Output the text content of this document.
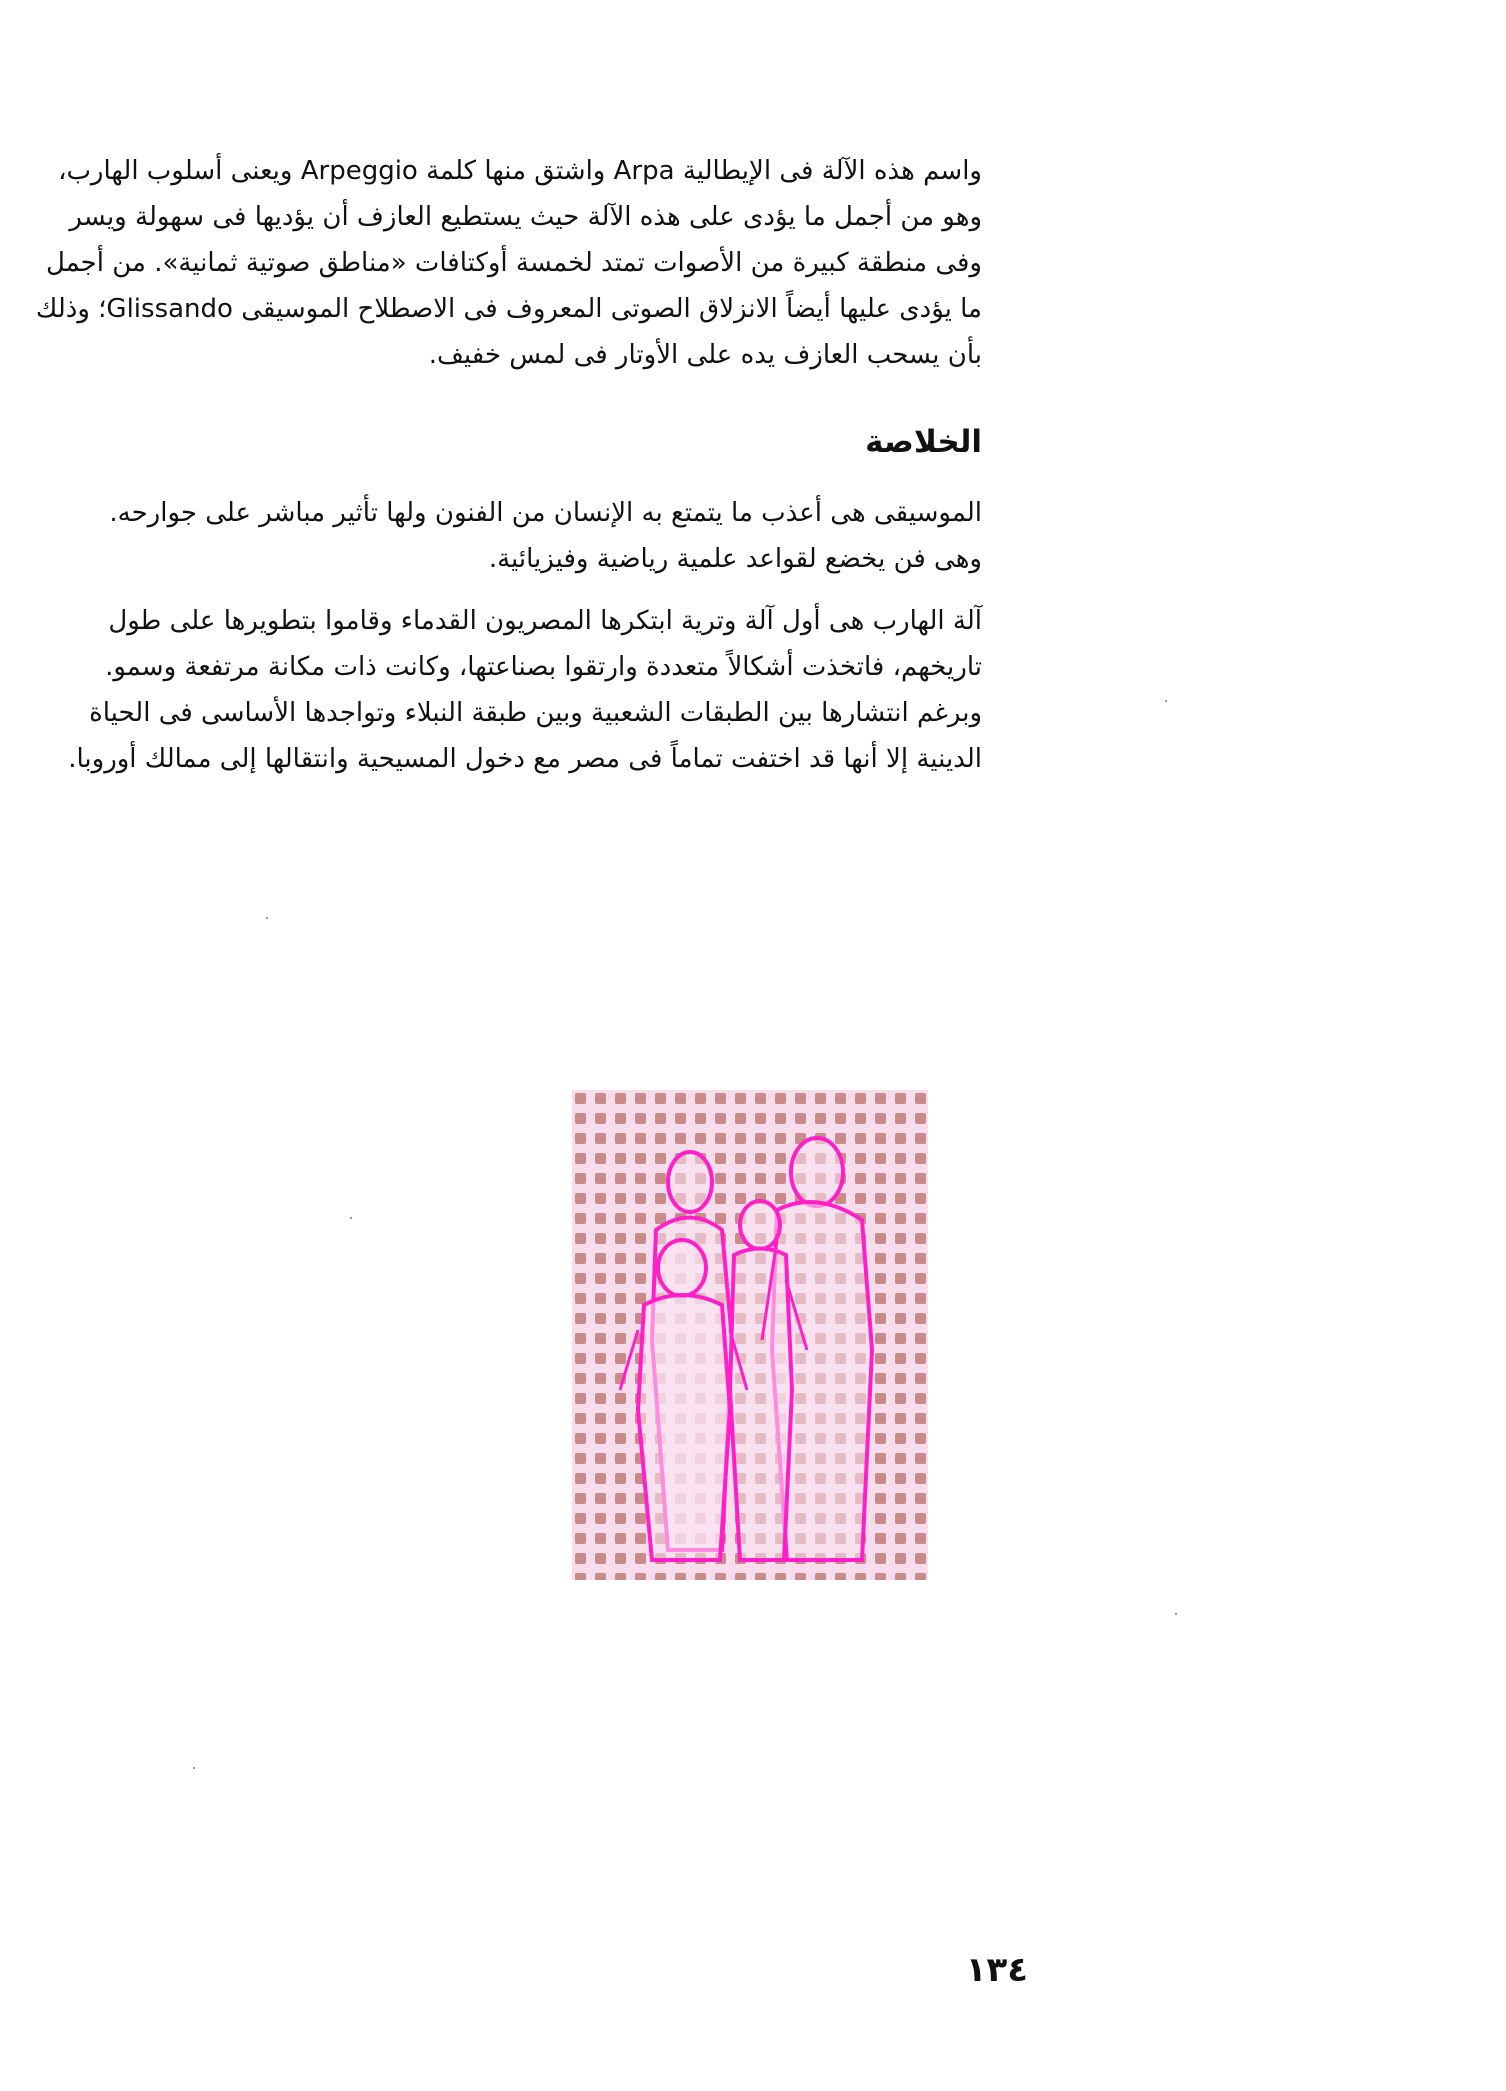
واسم هذه الآلة فى الإيطالية Arpa واشتق منها كلمة Arpeggio ويعنى أسلوب الهارب،
وهو من أجمل ما يؤدى على هذه الآلة حيث يستطيع العازف أن يؤديها فى سهولة ويسر
وفى منطقة كبيرة من الأصوات تمتد لخمسة أوكتافات «مناطق صوتية ثمانية». من أجمل
ما يؤدى عليها أيضاً الانزلاق الصوتى المعروف فى الاصطلاح الموسيقى Glissando؛ وذلك
بأن يسحب العازف يده على الأوتار فى لمس خفيف.
الخلاصة
الموسيقى هى أعذب ما يتمتع به الإنسان من الفنون ولها تأثير مباشر على جوارحه.
وهى فن يخضع لقواعد علمية رياضية وفيزيائية.
آلة الهارب هى أول آلة وترية ابتكرها المصريون القدماء وقاموا بتطويرها على طول
تاريخهم، فاتخذت أشكالاً متعددة وارتقوا بصناعتها، وكانت ذات مكانة مرتفعة وسمو.
وبرغم انتشارها بين الطبقات الشعبية وبين طبقة النبلاء وتواجدها الأساسى فى الحياة
الدينية إلا أنها قد اختفت تماماً فى مصر مع دخول المسيحية وانتقالها إلى ممالك أوروبا.
١٣٤
